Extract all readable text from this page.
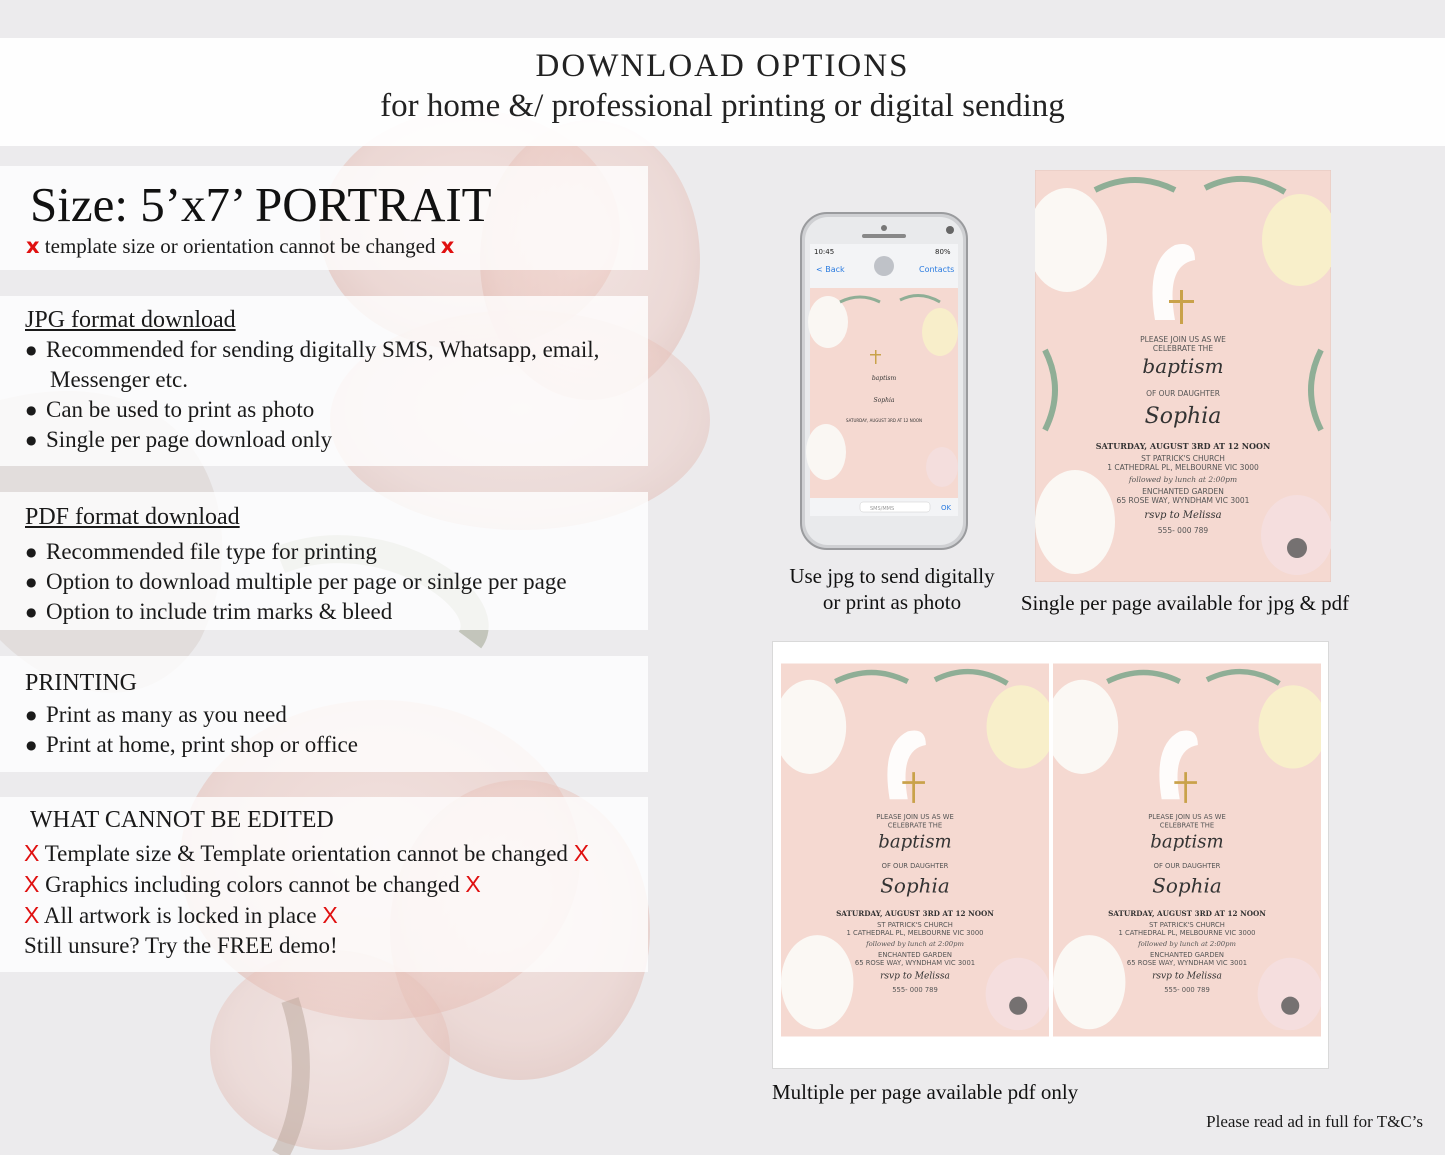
DOWNLOAD OPTIONS
for home &/ professional printing or digital sending
Size: 5’x7’ PORTRAIT
x template size or orientation cannot be changed x
JPG format download
● Recommended for sending digitally SMS, Whatsapp, email,
Messenger etc.
● Can be used to print as photo
● Single per page download only
PDF format download
● Recommended file type for printing
● Option to download multiple per page or sinlge per page
● Option to include trim marks & bleed
PRINTING
● Print as many as you need
● Print at home, print shop or office
WHAT CANNOT BE EDITED
X Template size & Template orientation cannot be changed X
X Graphics including colors cannot be changed X
X All artwork is locked in place X
Still unsure? Try the FREE demo!
10:45	80%
< Back	Contacts
baptism
Sophia
SATURDAY, AUGUST 3RD AT 12 NOON
SMS/MMS	OK
PLEASE JOIN US AS WE
CELEBRATE THE
baptism
OF OUR DAUGHTER
Sophia
SATURDAY, AUGUST 3RD AT 12 NOON
ST PATRICK'S CHURCH
1 CATHEDRAL PL, MELBOURNE VIC 3000
followed by lunch at 2:00pm
ENCHANTED GARDEN
65 ROSE WAY, WYNDHAM VIC 3001
rsvp to Melissa
555- 000 789
PLEASE JOIN US AS WE
CELEBRATE THE
baptism
OF OUR DAUGHTER
Sophia
SATURDAY, AUGUST 3RD AT 12 NOON
ST PATRICK'S CHURCH
1 CATHEDRAL PL, MELBOURNE VIC 3000
followed by lunch at 2:00pm
ENCHANTED GARDEN
65 ROSE WAY, WYNDHAM VIC 3001
rsvp to Melissa
555- 000 789
PLEASE JOIN US AS WE
CELEBRATE THE
baptism
OF OUR DAUGHTER
Sophia
SATURDAY, AUGUST 3RD AT 12 NOON
ST PATRICK'S CHURCH
1 CATHEDRAL PL, MELBOURNE VIC 3000
followed by lunch at 2:00pm
ENCHANTED GARDEN
65 ROSE WAY, WYNDHAM VIC 3001
rsvp to Melissa
555- 000 789
Use jpg to send digitally
or print as photo	Single per page available for jpg & pdf
Multiple per page available pdf only
Please read ad in full for T&C’s
